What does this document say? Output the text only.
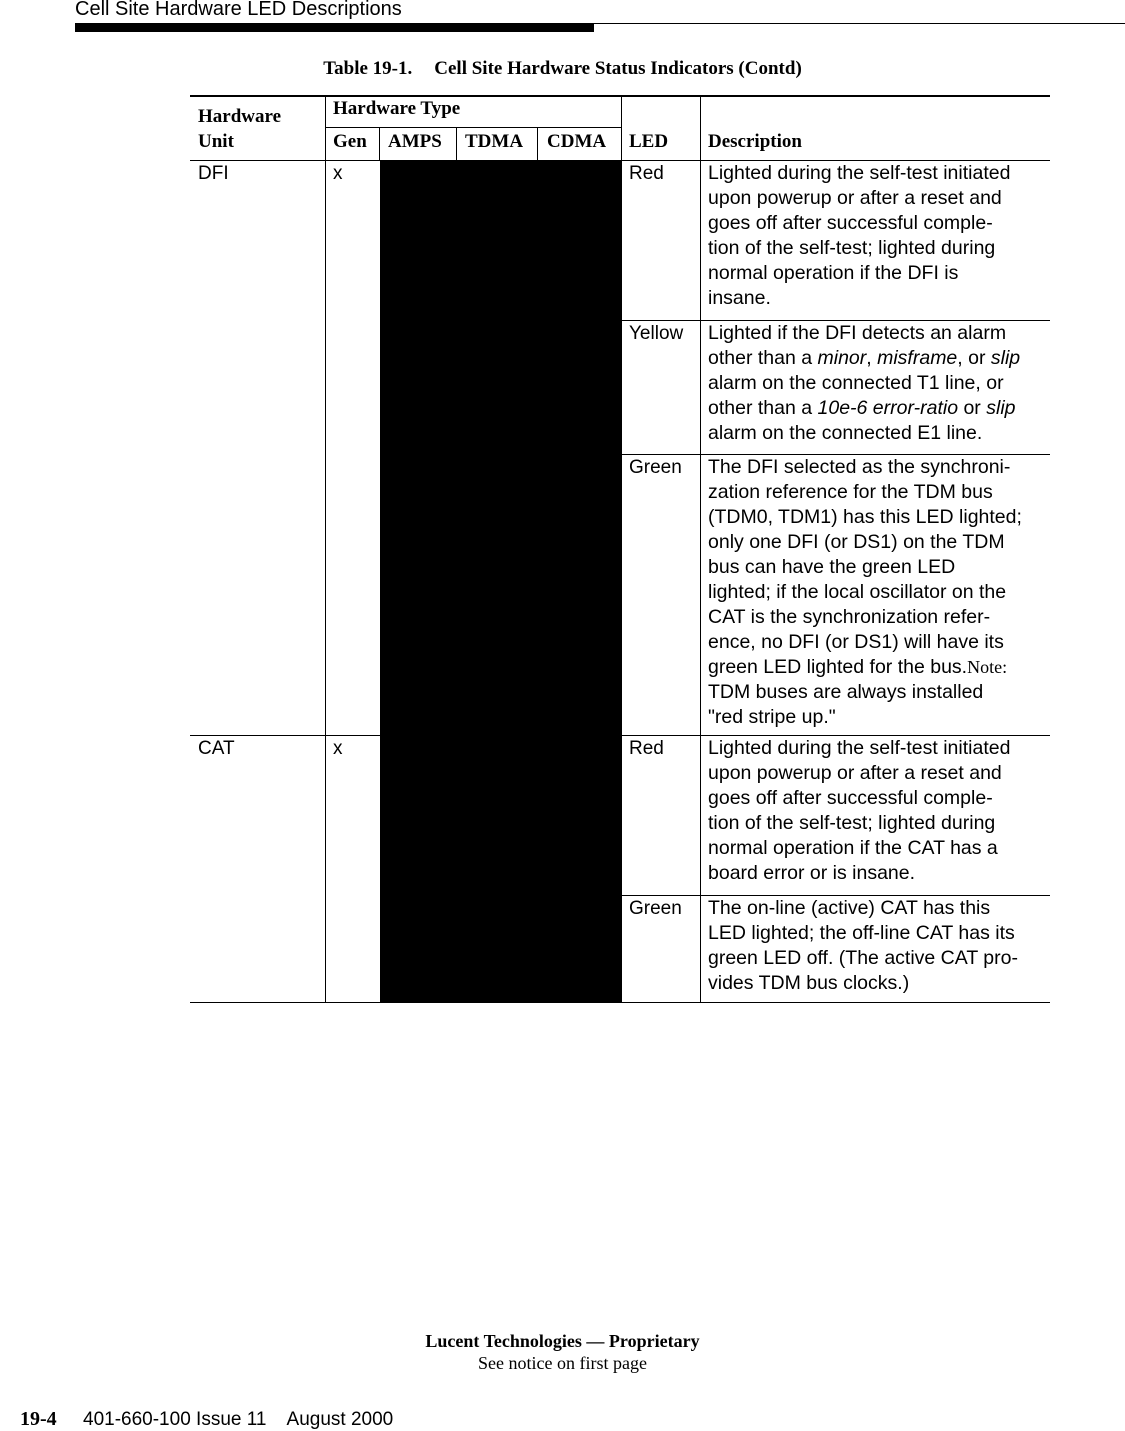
Cell Site Hardware LED Descriptions
Table 19-1. Cell Site Hardware Status Indicators (Contd)
Hardware
Unit
Hardware Type
Gen AMPS TDMA CDMA LED Description
DFI	x
CAT	x
Red
Yellow
Green
Red
Green
Lighted during the self-test initiated
upon powerup or after a reset and
goes off after successful comple-
tion of the self-test; lighted during
normal operation if the DFI is
insane.
Lighted if the DFI detects an alarm
other than a minor, misframe, or slip
alarm on the connected T1 line, or
other than a 10e-6 error-ratio or slip
alarm on the connected E1 line.
The DFI selected as the synchroni-
zation reference for the TDM bus
(TDM0, TDM1) has this LED lighted;
only one DFI (or DS1) on the TDM
bus can have the green LED
lighted; if the local oscillator on the
CAT is the synchronization refer-
ence, no DFI (or DS1) will have its
green LED lighted for the bus.Note:
TDM buses are always installed
"red stripe up."
Lighted during the self-test initiated
upon powerup or after a reset and
goes off after successful comple-
tion of the self-test; lighted during
normal operation if the CAT has a
board error or is insane.
The on-line (active) CAT has this
LED lighted; the off-line CAT has its
green LED off. (The active CAT pro-
vides TDM bus clocks.)
Lucent Technologies — Proprietary
See notice on first page
19-4 401-660-100 Issue 11    August 2000
